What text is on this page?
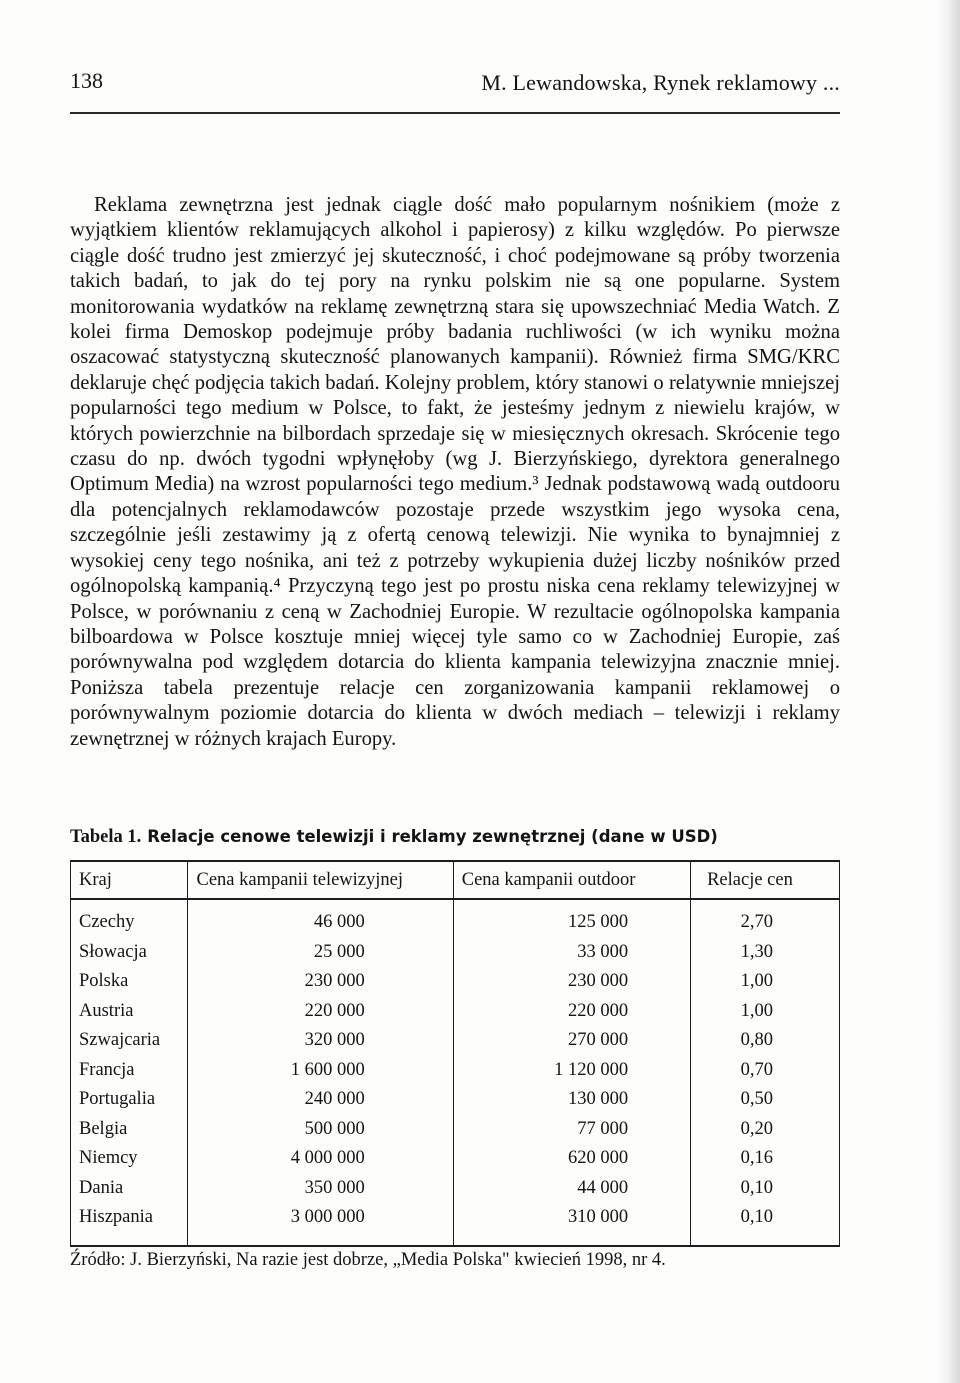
138	M. Lewandowska, Rynek reklamowy ...

Reklama zewnętrzna jest jednak ciągle dość mało popularnym nośnikiem (może z wyjątkiem klientów reklamujących alkohol i papierosy) z kilku względów. Po pierwsze ciągle dość trudno jest zmierzyć jej skuteczność, i choć podejmowane są próby tworzenia takich badań, to jak do tej pory na rynku polskim nie są one popularne. System monitorowania wydatków na reklamę zewnętrzną stara się upowszechniać Media Watch. Z kolei firma Demoskop podejmuje próby badania ruchliwości (w ich wyniku można oszacować statystyczną skuteczność planowanych kampanii). Również firma SMG/KRC deklaruje chęć podjęcia takich badań. Kolejny problem, który stanowi o relatywnie mniejszej popularności tego medium w Polsce, to fakt, że jesteśmy jednym z niewielu krajów, w których powierzchnie na bilbordach sprzedaje się w miesięcznych okresach. Skrócenie tego czasu do np. dwóch tygodni wpłynęłoby (wg J. Bierzyńskiego, dyrektora generalnego Optimum Media) na wzrost popularności tego medium.³ Jednak podstawową wadą outdooru dla potencjalnych reklamodawców pozostaje przede wszystkim jego wysoka cena, szczególnie jeśli zestawimy ją z ofertą cenową telewizji. Nie wynika to bynajmniej z wysokiej ceny tego nośnika, ani też z potrzeby wykupienia dużej liczby nośników przed ogólnopolską kampanią.⁴ Przyczyną tego jest po prostu niska cena reklamy telewizyjnej w Polsce, w porównaniu z ceną w Zachodniej Europie. W rezultacie ogólnopolska kampania bilboardowa w Polsce kosztuje mniej więcej tyle samo co w Zachodniej Europie, zaś porównywalna pod względem dotarcia do klienta kampania telewizyjna znacznie mniej. Poniższa tabela prezentuje relacje cen zorganizowania kampanii reklamowej o porównywalnym poziomie dotarcia do klienta w dwóch mediach – telewizji i reklamy zewnętrznej w różnych krajach Europy.

Tabela 1. Relacje cenowe telewizji i reklamy zewnętrznej (dane w USD)
Kraj	Cena kampanii telewizyjnej	Cena kampanii outdoor	Relacje cen
Czechy	46 000	125 000	2,70
Słowacja	25 000	33 000	1,30
Polska	230 000	230 000	1,00
Austria	220 000	220 000	1,00
Szwajcaria	320 000	270 000	0,80
Francja	1 600 000	1 120 000	0,70
Portugalia	240 000	130 000	0,50
Belgia	500 000	77 000	0,20
Niemcy	4 000 000	620 000	0,16
Dania	350 000	44 000	0,10
Hiszpania	3 000 000	310 000	0,10
Źródło: J. Bierzyński, Na razie jest dobrze, „Media Polska" kwiecień 1998, nr 4.
